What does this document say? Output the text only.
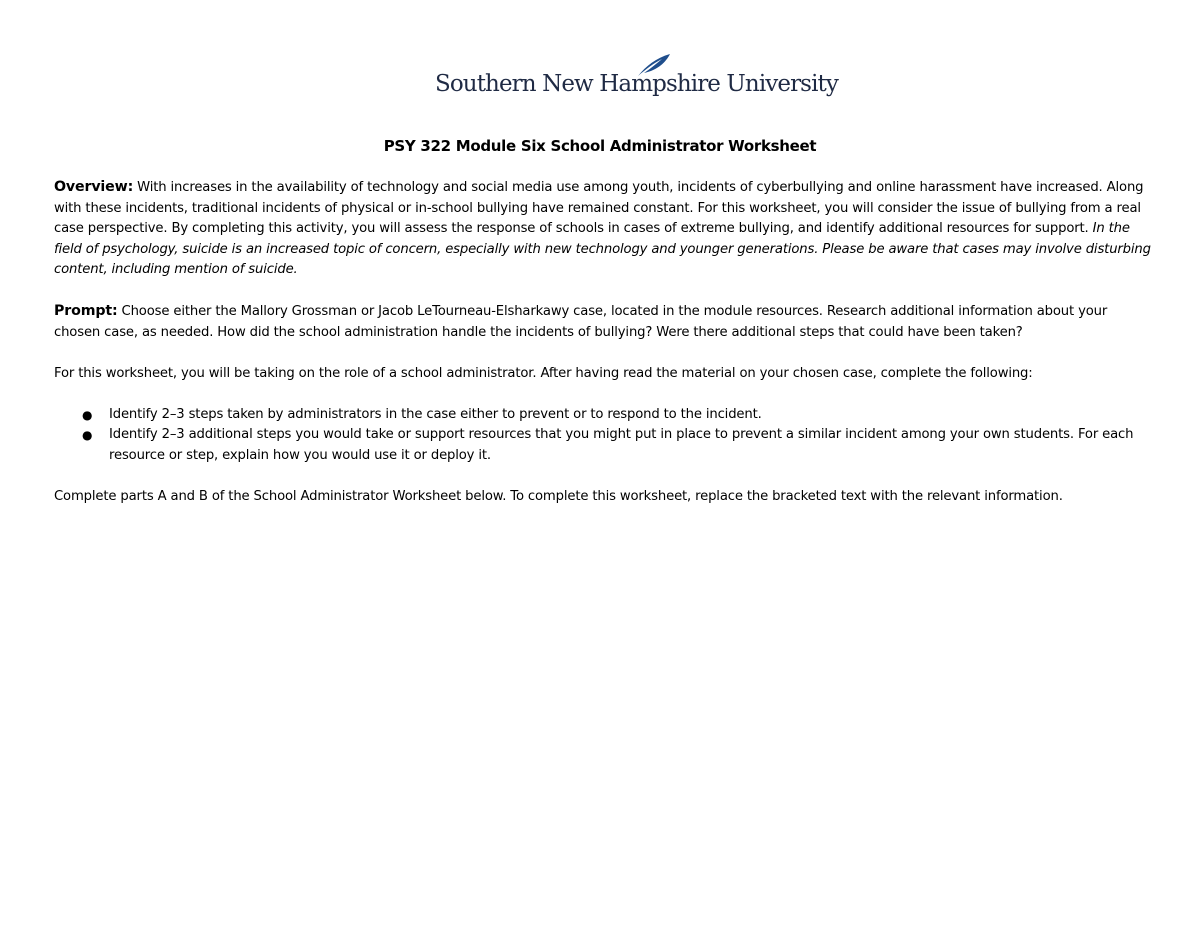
Southern New Hampshire University
PSY 322 Module Six School Administrator Worksheet

Overview: With increases in the availability of technology and social media use among youth, incidents of cyberbullying and online harassment have increased. Along with these incidents, traditional incidents of physical or in-school bullying have remained constant. For this worksheet, you will consider the issue of bullying from a real case perspective. By completing this activity, you will assess the response of schools in cases of extreme bullying, and identify additional resources for support. In the field of psychology, suicide is an increased topic of concern, especially with new technology and younger generations. Please be aware that cases may involve disturbing content, including mention of suicide.

Prompt: Choose either the Mallory Grossman or Jacob LeTourneau-Elsharkawy case, located in the module resources. Research additional information about your chosen case, as needed. How did the school administration handle the incidents of bullying? Were there additional steps that could have been taken?

For this worksheet, you will be taking on the role of a school administrator. After having read the material on your chosen case, complete the following:

● Identify 2–3 steps taken by administrators in the case either to prevent or to respond to the incident.
● Identify 2–3 additional steps you would take or support resources that you might put in place to prevent a similar incident among your own students. For each resource or step, explain how you would use it or deploy it.

Complete parts A and B of the School Administrator Worksheet below. To complete this worksheet, replace the bracketed text with the relevant information.
